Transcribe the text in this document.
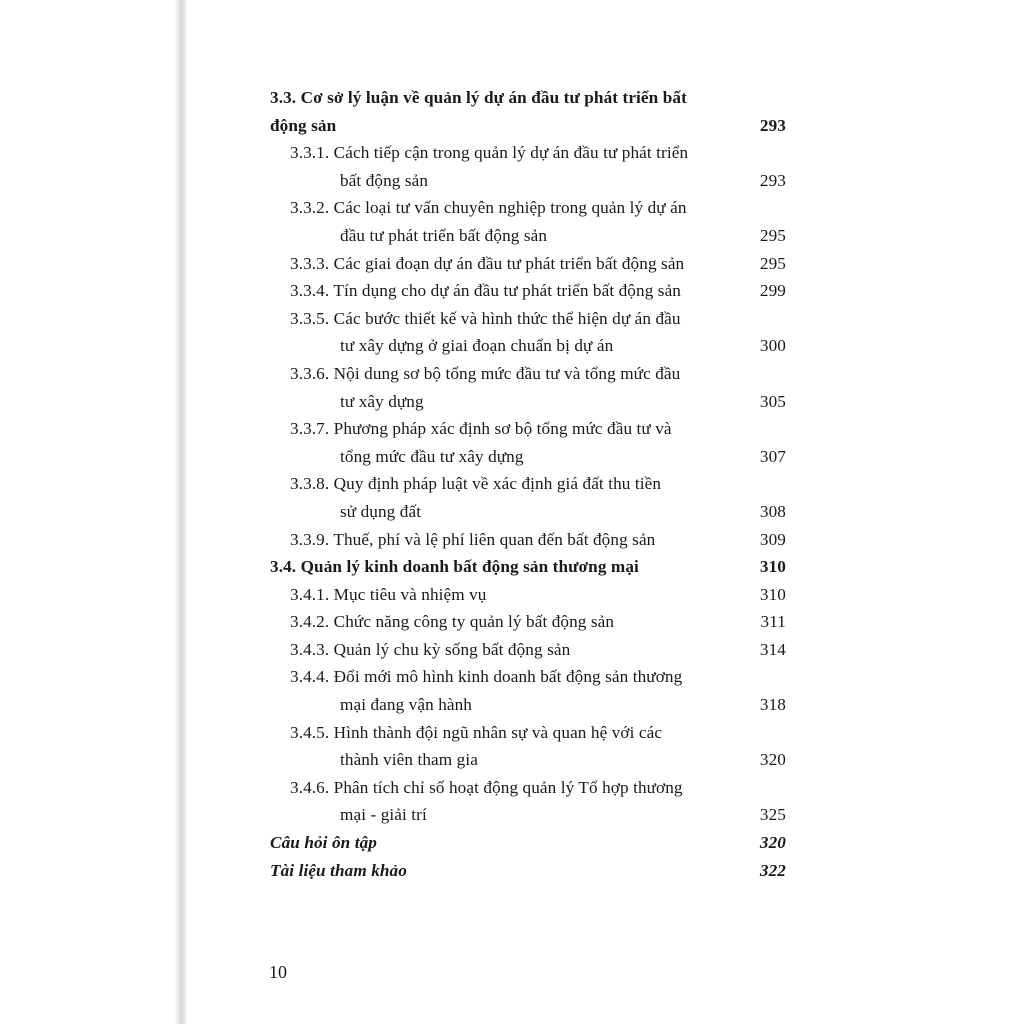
3.3. Cơ sở lý luận về quản lý dự án đầu tư phát triển bất
động sản	293
3.3.1. Cách tiếp cận trong quản lý dự án đầu tư phát triển
bất động sản	293
3.3.2. Các loại tư vấn chuyên nghiệp trong quản lý dự án
đầu tư phát triển bất động sản	295
3.3.3. Các giai đoạn dự án đầu tư phát triển bất động sản	295
3.3.4. Tín dụng cho dự án đầu tư phát triển bất động sản	299
3.3.5. Các bước thiết kế và hình thức thể hiện dự án đầu
tư xây dựng ở giai đoạn chuẩn bị dự án	300
3.3.6. Nội dung sơ bộ tổng mức đầu tư và tổng mức đầu
tư xây dựng	305
3.3.7. Phương pháp xác định sơ bộ tổng mức đầu tư và
tổng mức đầu tư xây dựng	307
3.3.8. Quy định pháp luật về xác định giá đất thu tiền
sử dụng đất	308
3.3.9. Thuế, phí và lệ phí liên quan đến bất động sản	309
3.4. Quản lý kinh doanh bất động sản thương mại	310
3.4.1. Mục tiêu và nhiệm vụ	310
3.4.2. Chức năng công ty quản lý bất động sản	311
3.4.3. Quản lý chu kỳ sống bất động sản	314
3.4.4. Đổi mới mô hình kinh doanh bất động sản thương
mại đang vận hành	318
3.4.5. Hình thành đội ngũ nhân sự và quan hệ với các
thành viên tham gia	320
3.4.6. Phân tích chỉ số hoạt động quản lý Tổ hợp thương
mại - giải trí	325
Câu hỏi ôn tập	320
Tài liệu tham khảo	322
10
